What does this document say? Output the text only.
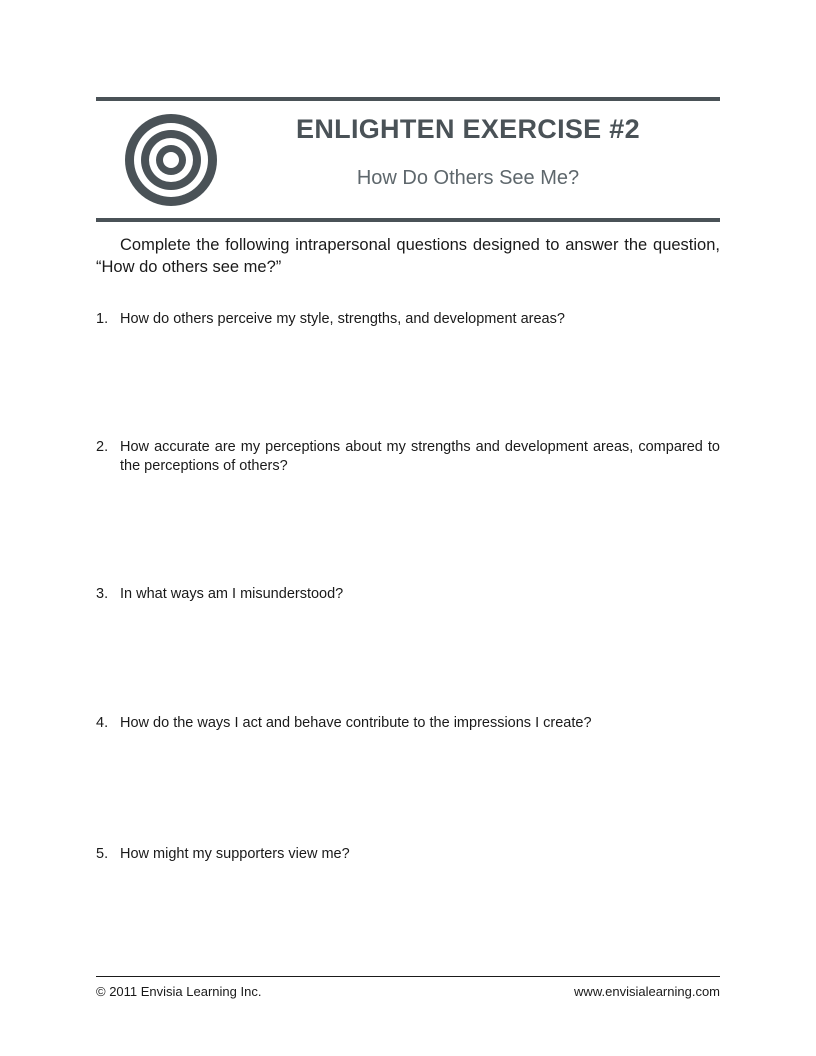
ENLIGHTEN EXERCISE #2
How Do Others See Me?

Complete the following intrapersonal questions designed to answer the question, “How do others see me?”

1. How do others perceive my style, strengths, and development areas?
2. How accurate are my perceptions about my strengths and development areas, compared to the perceptions of others?
3. In what ways am I misunderstood?
4. How do the ways I act and behave contribute to the impressions I create?
5. How might my supporters view me?
© 2011 Envisia Learning Inc.	www.envisialearning.com
